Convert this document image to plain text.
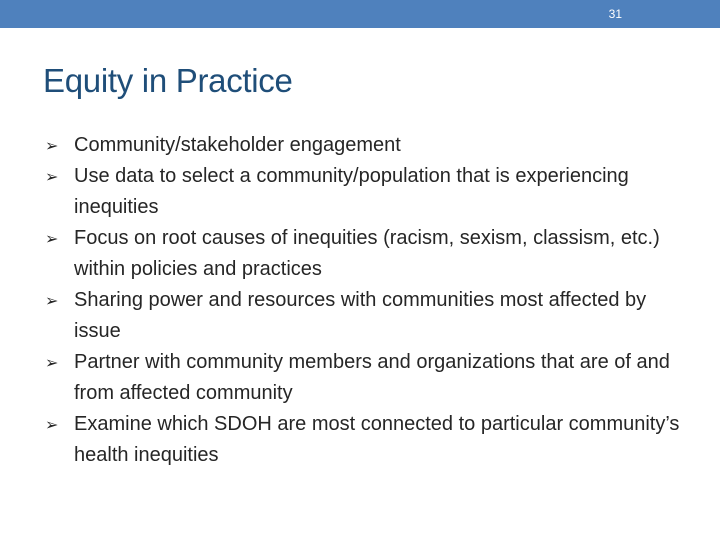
31
Equity in Practice
➢ Community/stakeholder engagement
➢ Use data to select a community/population that is experiencing inequities
➢ Focus on root causes of inequities (racism, sexism, classism, etc.) within policies and practices
➢ Sharing power and resources with communities most affected by issue
➢ Partner with community members and organizations that are of and from affected community
➢ Examine which SDOH are most connected to particular community’s health inequities
